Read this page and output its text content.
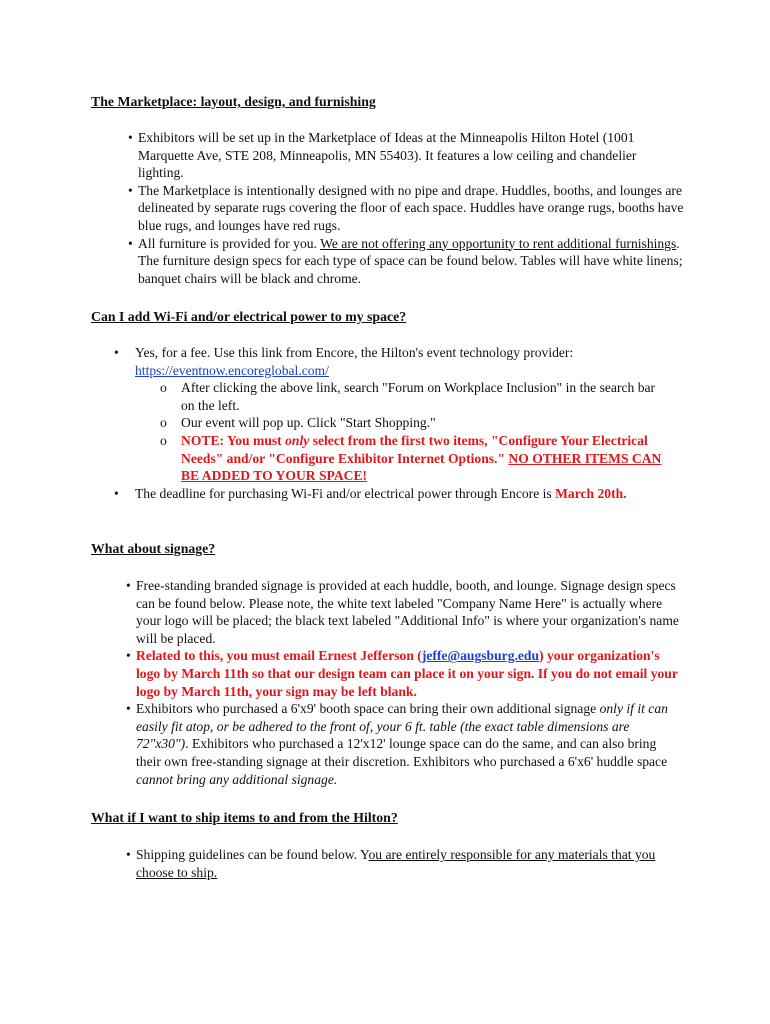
The Marketplace: layout, design, and furnishing
• Exhibitors will be set up in the Marketplace of Ideas at the Minneapolis Hilton Hotel (1001 Marquette Ave, STE 208, Minneapolis, MN 55403). It features a low ceiling and chandelier lighting.
• The Marketplace is intentionally designed with no pipe and drape. Huddles, booths, and lounges are delineated by separate rugs covering the floor of each space. Huddles have orange rugs, booths have blue rugs, and lounges have red rugs.
• All furniture is provided for you. We are not offering any opportunity to rent additional furnishings. The furniture design specs for each type of space can be found below. Tables will have white linens; banquet chairs will be black and chrome.
Can I add Wi-Fi and/or electrical power to my space?
• Yes, for a fee. Use this link from Encore, the Hilton's event technology provider: https://eventnow.encoreglobal.com/
o After clicking the above link, search "Forum on Workplace Inclusion" in the search bar on the left.
o Our event will pop up. Click "Start Shopping."
o NOTE: You must only select from the first two items, "Configure Your Electrical Needs" and/or "Configure Exhibitor Internet Options." NO OTHER ITEMS CAN BE ADDED TO YOUR SPACE!
• The deadline for purchasing Wi-Fi and/or electrical power through Encore is March 20th.
What about signage?
• Free-standing branded signage is provided at each huddle, booth, and lounge. Signage design specs can be found below. Please note, the white text labeled "Company Name Here" is actually where your logo will be placed; the black text labeled "Additional Info" is where your organization's name will be placed.
• Related to this, you must email Ernest Jefferson (jeffe@augsburg.edu) your organization's logo by March 11th so that our design team can place it on your sign. If you do not email your logo by March 11th, your sign may be left blank.
• Exhibitors who purchased a 6'x9' booth space can bring their own additional signage only if it can easily fit atop, or be adhered to the front of, your 6 ft. table (the exact table dimensions are 72"x30"). Exhibitors who purchased a 12'x12' lounge space can do the same, and can also bring their own free-standing signage at their discretion. Exhibitors who purchased a 6'x6' huddle space cannot bring any additional signage.
What if I want to ship items to and from the Hilton?
• Shipping guidelines can be found below. You are entirely responsible for any materials that you choose to ship.
